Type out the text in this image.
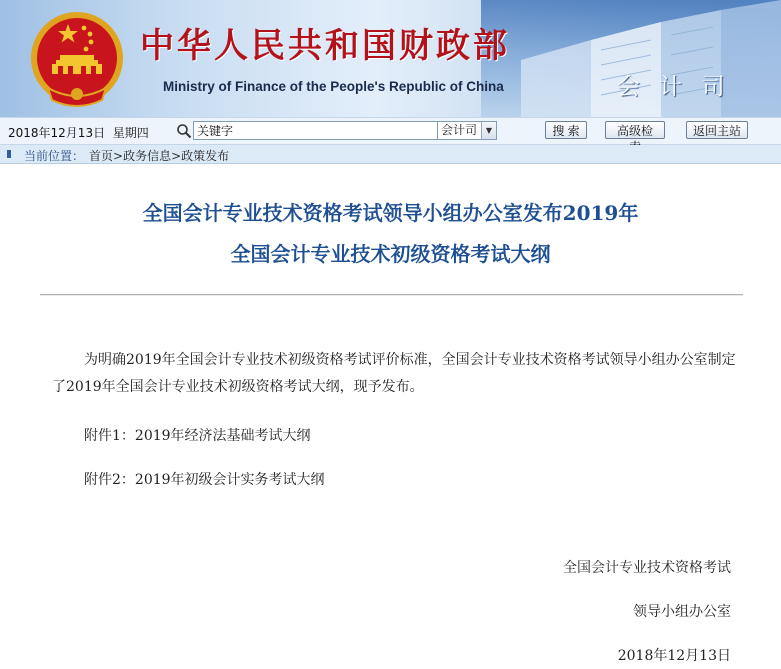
中华人民共和国财政部
Ministry of Finance of the People's Republic of China	会 计 司
2018年12月13日 星期四
关键字	会计司	▼	搜 索	高级检	返回主站
当前位置： 首页>政务信息>政策发布
全国会计专业技术资格考试领导小组办公室发布2019年
全国会计专业技术初级资格考试大纲
为明确2019年全国会计专业技术初级资格考试评价标准，全国会计专业技术资格考试领导小组办公室制定了2019年全国会计专业技术初级资格考试大纲，现予发布。
附件1：2019年经济法基础考试大纲
附件2：2019年初级会计实务考试大纲
全国会计专业技术资格考试
领导小组办公室
2018年12月13日
